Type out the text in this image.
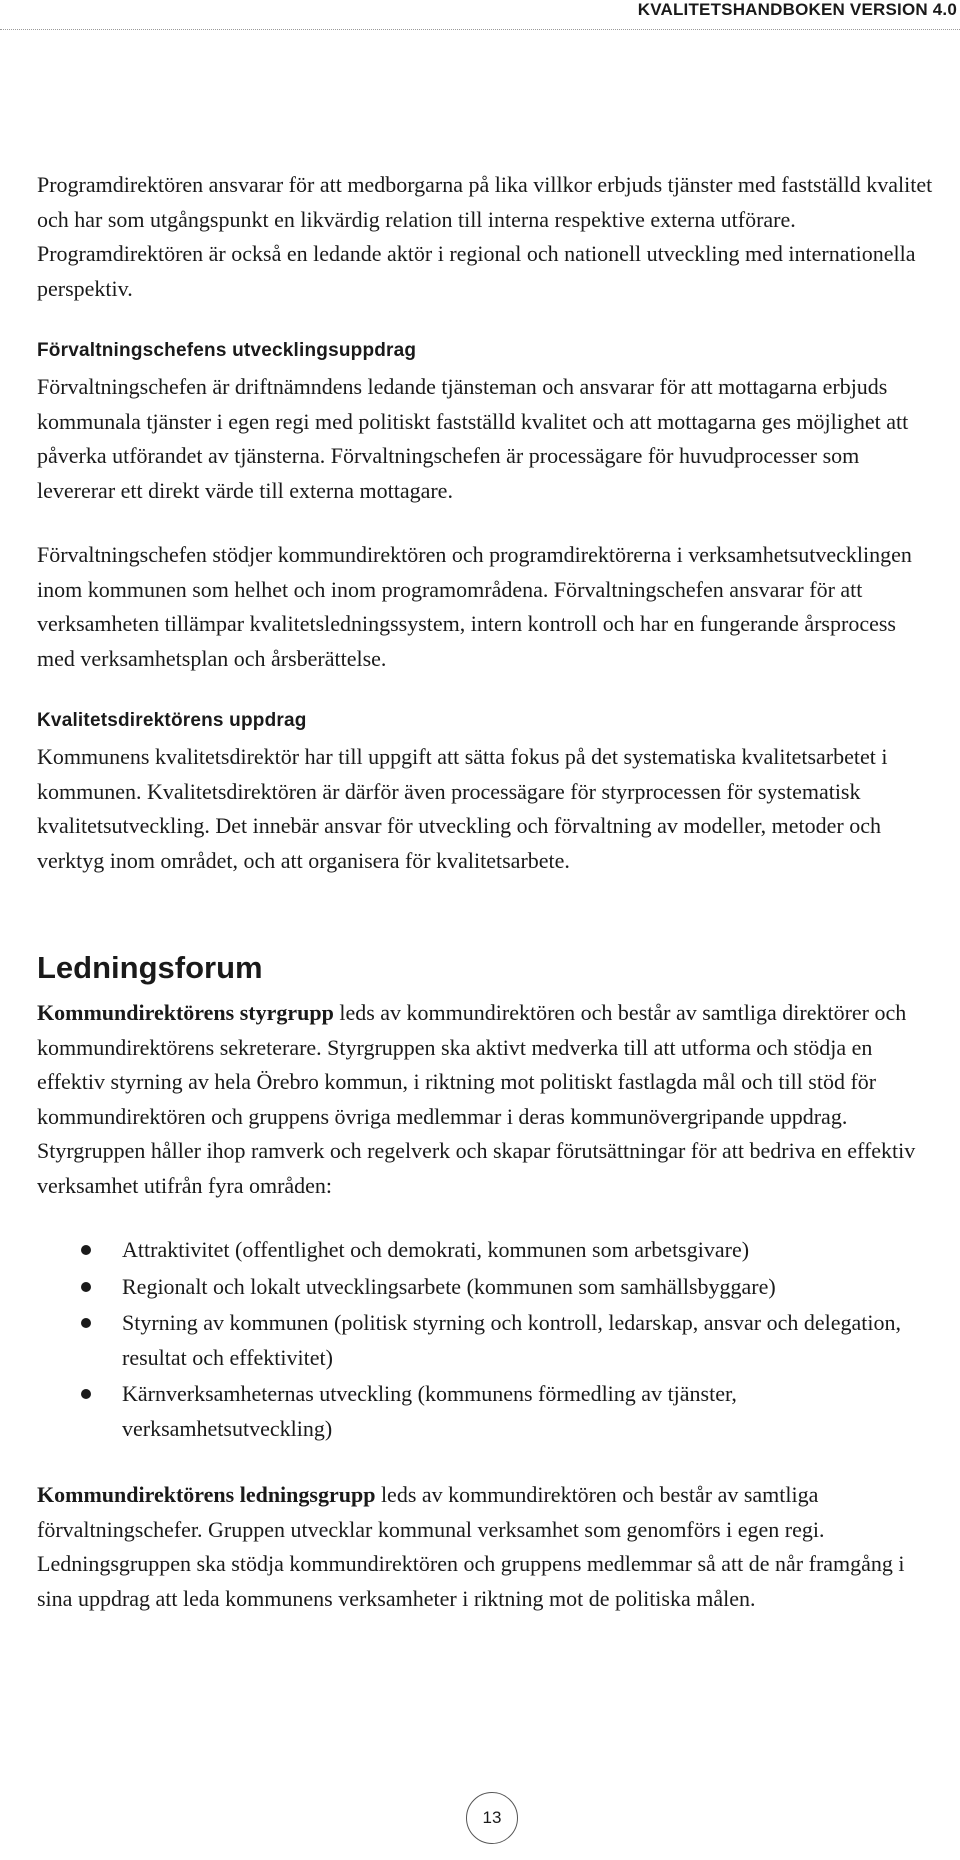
KVALITETSHANDBOKEN VERSION 4.0

Programdirektören ansvarar för att medborgarna på lika villkor erbjuds tjänster med fastställd kvalitet och har som utgångspunkt en likvärdig relation till interna respektive externa utförare. Programdirektören är också en ledande aktör i regional och nationell utveckling med internationella perspektiv.

Förvaltningschefens utvecklingsuppdrag

Förvaltningschefen är driftnämndens ledande tjänsteman och ansvarar för att mottagarna erbjuds kommunala tjänster i egen regi med politiskt fastställd kvalitet och att mottagarna ges möjlighet att påverka utförandet av tjänsterna. Förvaltningschefen är processägare för huvudprocesser som levererar ett direkt värde till externa mottagare.

Förvaltningschefen stödjer kommundirektören och programdirektörerna i verksamhetsutvecklingen inom kommunen som helhet och inom programområdena. Förvaltningschefen ansvarar för att verksamheten tillämpar kvalitetsledningssystem, intern kontroll och har en fungerande årsprocess med verksamhetsplan och årsberättelse.

Kvalitetsdirektörens uppdrag

Kommunens kvalitetsdirektör har till uppgift att sätta fokus på det systematiska kvalitetsarbetet i kommunen. Kvalitetsdirektören är därför även processägare för styrprocessen för systematisk kvalitetsutveckling. Det innebär ansvar för utveckling och förvaltning av modeller, metoder och verktyg inom området, och att organisera för kvalitetsarbete.

Ledningsforum

Kommundirektörens styrgrupp leds av kommundirektören och består av samtliga direktörer och kommundirektörens sekreterare. Styrgruppen ska aktivt medverka till att utforma och stödja en effektiv styrning av hela Örebro kommun, i riktning mot politiskt fastlagda mål och till stöd för kommundirektören och gruppens övriga medlemmar i deras kommunövergripande uppdrag. Styrgruppen håller ihop ramverk och regelverk och skapar förutsättningar för att bedriva en effektiv verksamhet utifrån fyra områden:

Attraktivitet (offentlighet och demokrati, kommunen som arbetsgivare)
Regionalt och lokalt utvecklingsarbete (kommunen som samhällsbyggare)
Styrning av kommunen (politisk styrning och kontroll, ledarskap, ansvar och delegation, resultat och effektivitet)
Kärnverksamheternas utveckling (kommunens förmedling av tjänster, verksamhetsutveckling)

Kommundirektörens ledningsgrupp leds av kommundirektören och består av samtliga förvaltningschefer. Gruppen utvecklar kommunal verksamhet som genomförs i egen regi. Ledningsgruppen ska stödja kommundirektören och gruppens medlemmar så att de når framgång i sina uppdrag att leda kommunens verksamheter i riktning mot de politiska målen.

13
